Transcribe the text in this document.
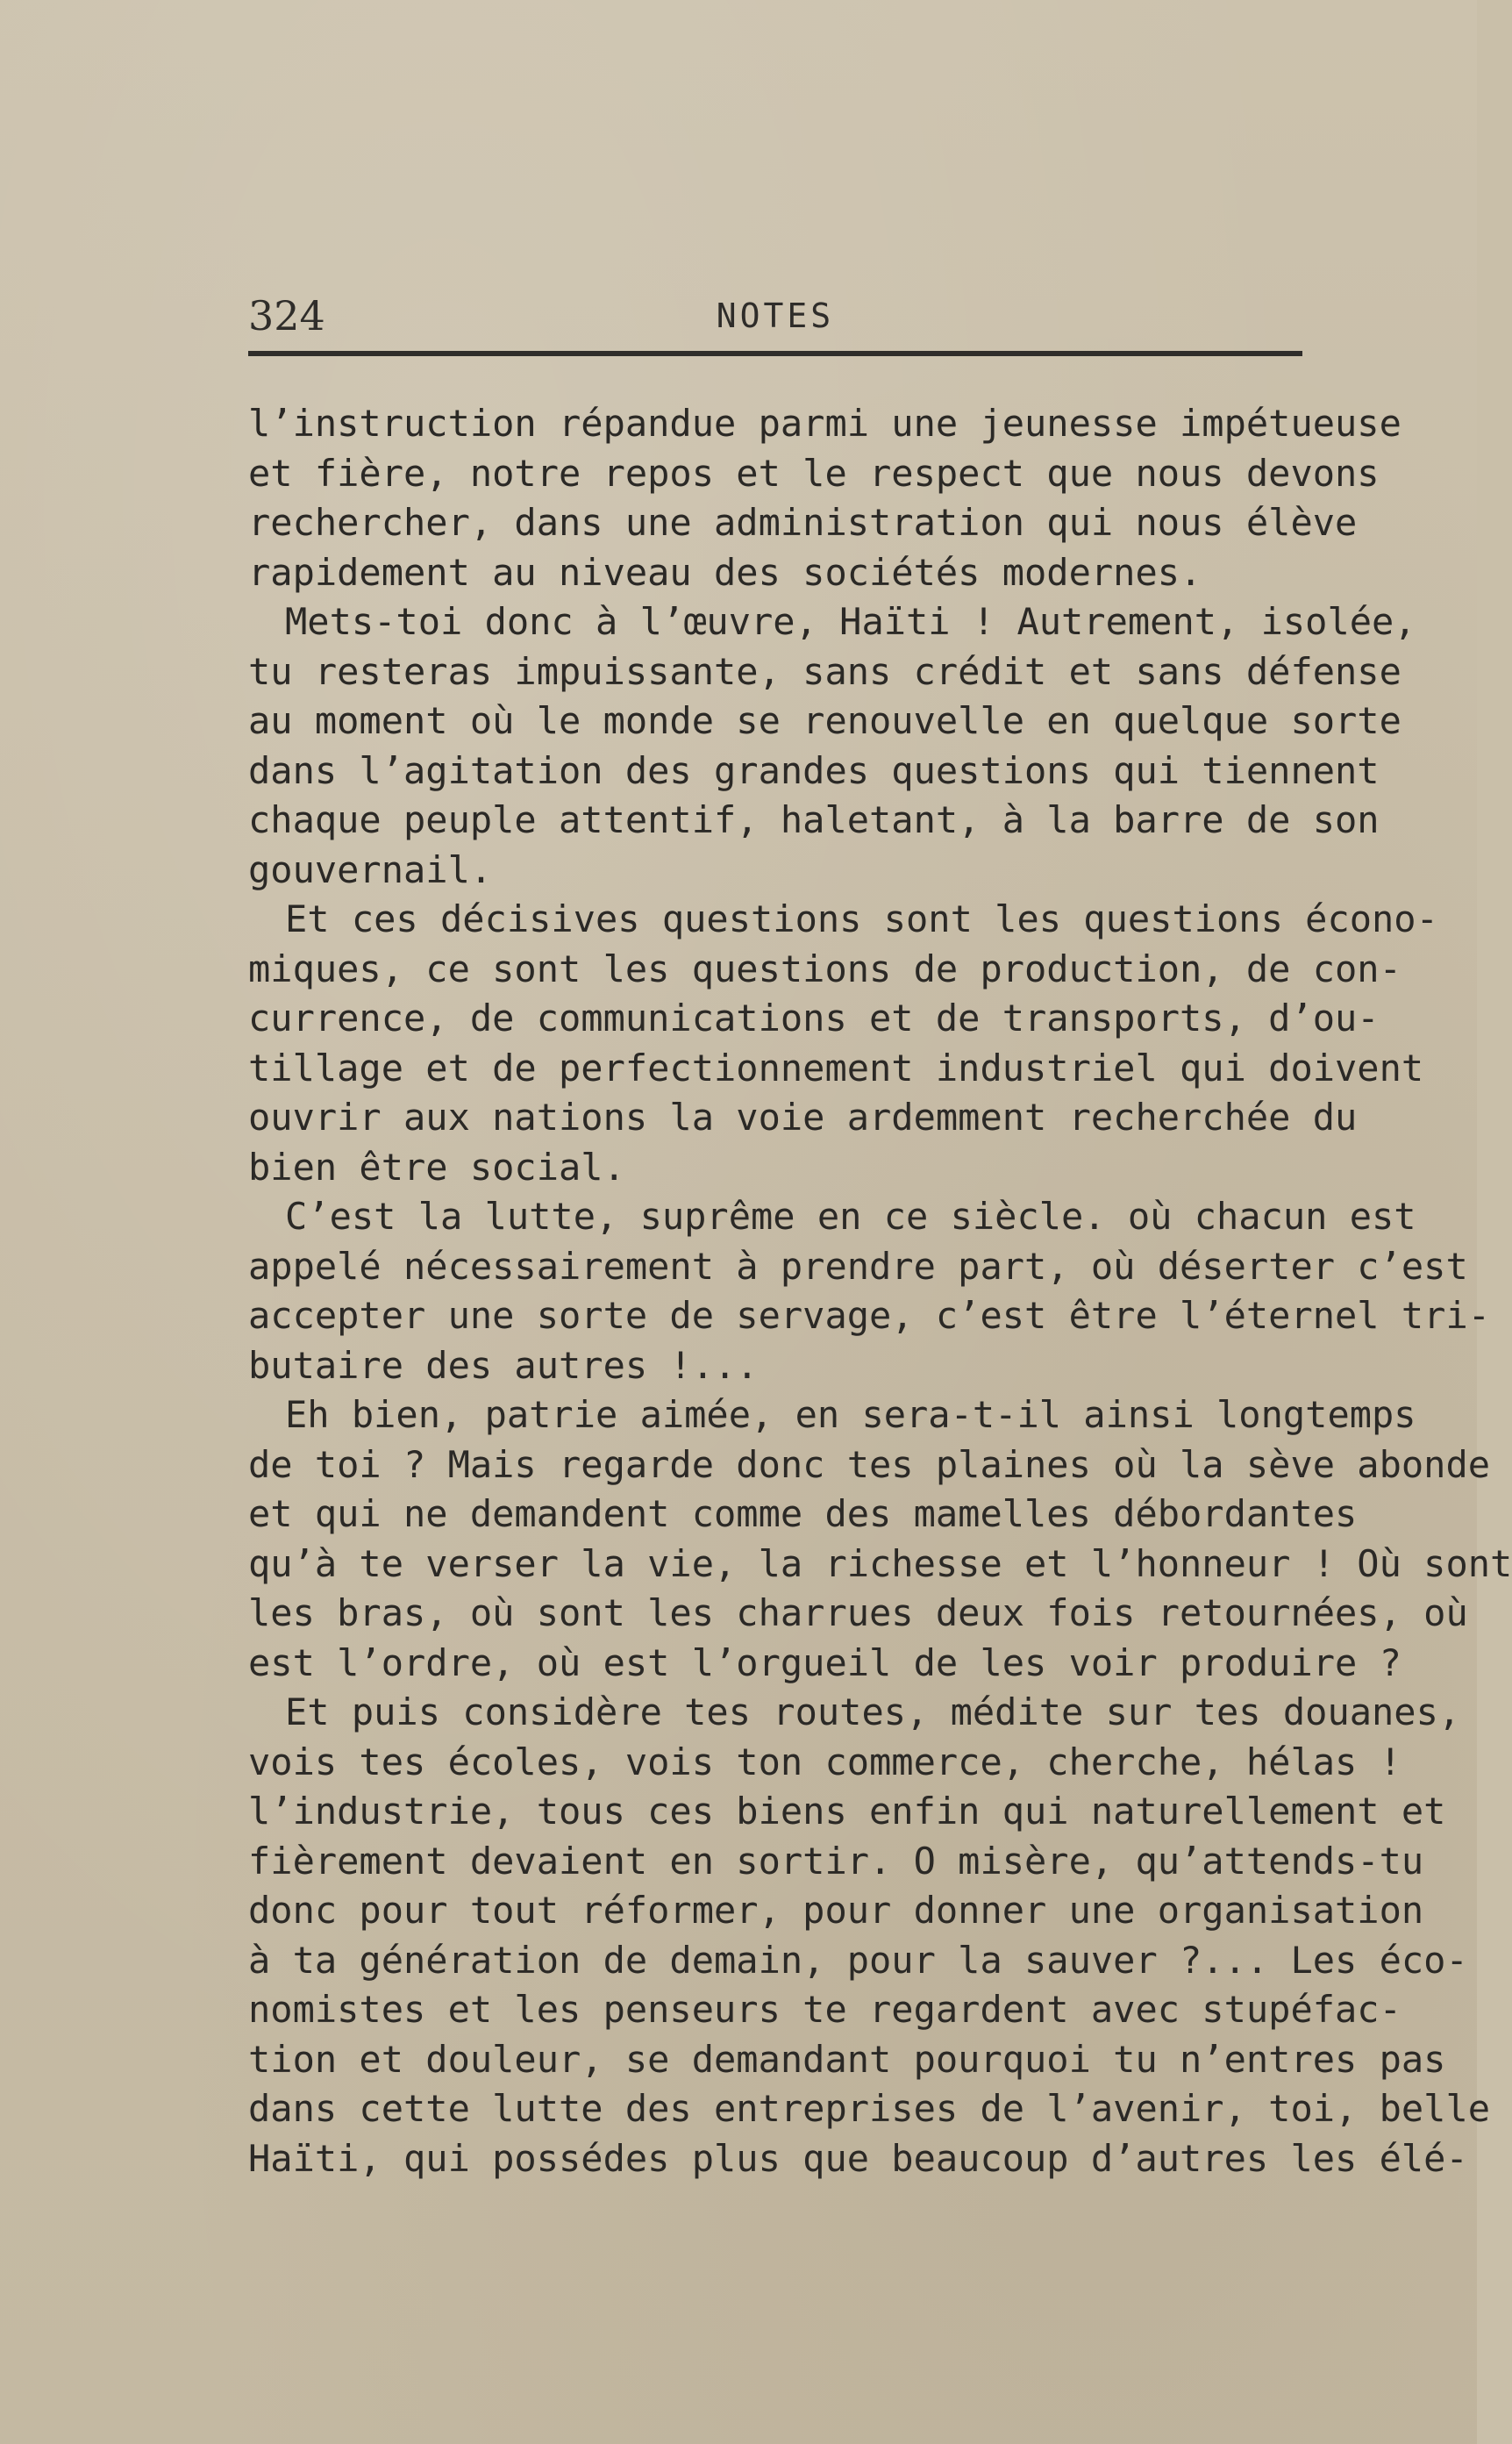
324	NOTES
l’instruction répandue parmi une jeunesse impétueuse
et fière, notre repos et le respect que nous devons
rechercher, dans une administration qui nous élève
rapidement au niveau des sociétés modernes.
Mets-toi donc à l’œuvre, Haïti ! Autrement, isolée,
tu resteras impuissante, sans crédit et sans défense
au moment où le monde se renouvelle en quelque sorte
dans l’agitation des grandes questions qui tiennent
chaque peuple attentif, haletant, à la barre de son
gouvernail.
Et ces décisives questions sont les questions écono-
miques, ce sont les questions de production, de con-
currence, de communications et de transports, d’ou-
tillage et de perfectionnement industriel qui doivent
ouvrir aux nations la voie ardemment recherchée du
bien être social.
C’est la lutte, suprême en ce siècle. où chacun est
appelé nécessairement à prendre part, où déserter c’est
accepter une sorte de servage, c’est être l’éternel tri-
butaire des autres !...
Eh bien, patrie aimée, en sera-t-il ainsi longtemps
de toi ? Mais regarde donc tes plaines où la sève abonde
et qui ne demandent comme des mamelles débordantes
qu’à te verser la vie, la richesse et l’honneur ! Où sont
les bras, où sont les charrues deux fois retournées, où
est l’ordre, où est l’orgueil de les voir produire ?
Et puis considère tes routes, médite sur tes douanes,
vois tes écoles, vois ton commerce, cherche, hélas !
l’industrie, tous ces biens enfin qui naturellement et
fièrement devaient en sortir. O misère, qu’attends-tu
donc pour tout réformer, pour donner une organisation
à ta génération de demain, pour la sauver ?... Les éco-
nomistes et les penseurs te regardent avec stupéfac-
tion et douleur, se demandant pourquoi tu n’entres pas
dans cette lutte des entreprises de l’avenir, toi, belle
Haïti, qui possédes plus que beaucoup d’autres les élé-
